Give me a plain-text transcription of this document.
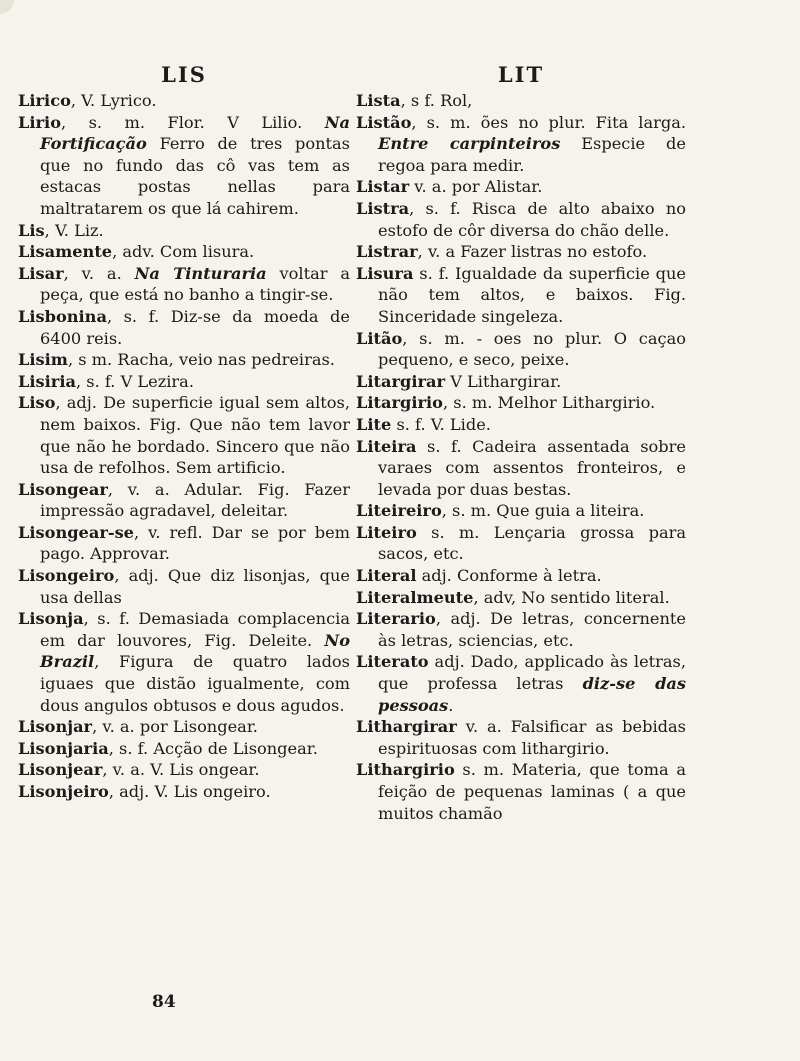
LIS

Lirico, V. Lyrico.

Lirio, s. m. Flor. V Lilio. Na Fortificação Ferro de tres pontas que no fundo das cô vas tem as estacas postas nellas para maltratarem os que lá cahirem.

Lis, V. Liz.

Lisamente, adv. Com lisura.

Lisar, v. a. Na Tinturaria voltar a peça, que está no banho a tingir-se.

Lisbonina, s. f. Diz-se da moeda de 6400 reis.

Lisim, s m. Racha, veio nas pedreiras.

Lisiria, s. f. V Lezira.

Liso, adj. De superficie igual sem altos, nem baixos. Fig. Que não tem lavor que não he bordado. Sincero que não usa de refolhos. Sem artificio.

Lisongear, v. a. Adular. Fig. Fazer impressão agradavel, deleitar.

Lisongear-se, v. refl. Dar se por bem pago. Approvar.

Lisongeiro, adj. Que diz lisonjas, que usa dellas

Lisonja, s. f. Demasiada complacencia em dar louvores, Fig. Deleite. No Brazil, Figura de quatro lados iguaes que distão igualmente, com dous angulos obtusos e dous agudos.

Lisonjar, v. a. por Lisongear.

Lisonjaria, s. f. Acção de Lisongear.

Lisonjear, v. a. V. Lis ongear.

Lisonjeiro, adj. V. Lis ongeiro.

LIT

Lista, s f. Rol,

Listão, s. m. ões no plur. Fita larga. Entre carpinteiros Especie de regoa para medir.

Listar v. a. por Alistar.

Listra, s. f. Risca de alto abaixo no estofo de côr diversa do chão delle.

Listrar, v. a Fazer listras no estofo.

Lisura s. f. Igualdade da superficie que não tem altos, e baixos. Fig. Sinceridade singeleza.

Litão, s. m. - oes no plur. O caçao pequeno, e seco, peixe.

Litargirar V Lithargirar.

Litargirio, s. m. Melhor Lithargirio.

Lite s. f. V. Lide.

Liteira s. f. Cadeira assentada sobre varaes com assentos fronteiros, e levada por duas bestas.

Liteireiro, s. m. Que guia a liteira.

Liteiro s. m. Lençaria grossa para sacos, etc.

Literal adj. Conforme à letra.

Literalmeute, adv, No sentido literal.

Literario, adj. De letras, concernente às letras, sciencias, etc.

Literato adj. Dado, applicado às letras, que professa letras diz-se das pessoas.

Lithargirar v. a. Falsificar as bebidas espirituosas com lithargirio.

Lithargirio s. m. Materia, que toma a feição de pequenas laminas ( a que muitos chamão

84
